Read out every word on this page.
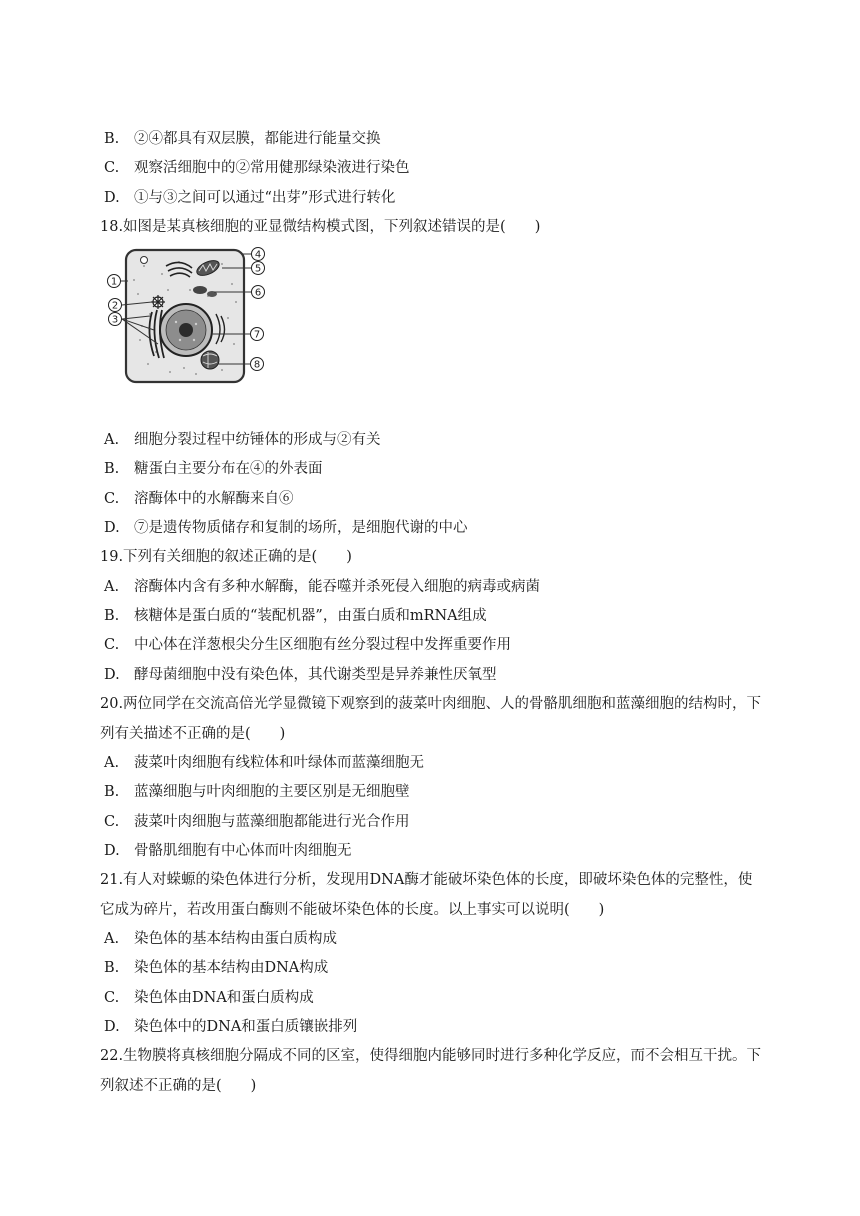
B. ②④都具有双层膜，都能进行能量交换
C. 观察活细胞中的②常用健那绿染液进行染色
D. ①与③之间可以通过“出芽”形式进行转化
18.如图是某真核细胞的亚显微结构模式图，下列叙述错误的是(　　)
1
2
3
4
5
6
7
8
A. 细胞分裂过程中纺锤体的形成与②有关
B. 糖蛋白主要分布在④的外表面
C. 溶酶体中的水解酶来自⑥
D. ⑦是遗传物质储存和复制的场所，是细胞代谢的中心
19.下列有关细胞的叙述正确的是(　　)
A. 溶酶体内含有多种水解酶，能吞噬并杀死侵入细胞的病毒或病菌
B. 核糖体是蛋白质的“装配机器”，由蛋白质和mRNA组成
C. 中心体在洋葱根尖分生区细胞有丝分裂过程中发挥重要作用
D. 酵母菌细胞中没有染色体，其代谢类型是异养兼性厌氧型
20.两位同学在交流高倍光学显微镜下观察到的菠菜叶肉细胞、人的骨骼肌细胞和蓝藻细胞的结构时，下列有关描述不正确的是(　　)
A. 菠菜叶肉细胞有线粒体和叶绿体而蓝藻细胞无
B. 蓝藻细胞与叶肉细胞的主要区别是无细胞壁
C. 菠菜叶肉细胞与蓝藻细胞都能进行光合作用
D. 骨骼肌细胞有中心体而叶肉细胞无
21.有人对蝾螈的染色体进行分析，发现用DNA酶才能破坏染色体的长度，即破坏染色体的完整性，使它成为碎片，若改用蛋白酶则不能破坏染色体的长度。以上事实可以说明(　　)
A. 染色体的基本结构由蛋白质构成
B. 染色体的基本结构由DNA构成
C. 染色体由DNA和蛋白质构成
D. 染色体中的DNA和蛋白质镶嵌排列
22.生物膜将真核细胞分隔成不同的区室，使得细胞内能够同时进行多种化学反应，而不会相互干扰。下列叙述不正确的是(　　)
